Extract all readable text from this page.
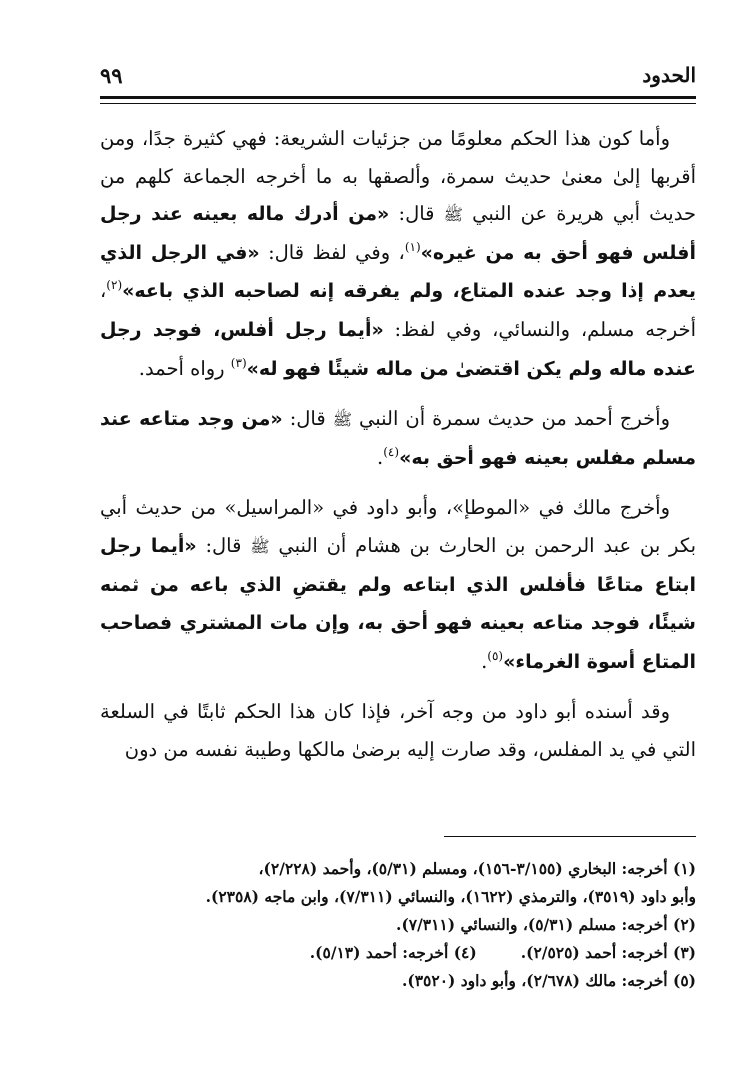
الحدود
٩٩

وأما كون هذا الحكم معلومًا من جزئيات الشريعة: فهي كثيرة جدًا، ومن أقربها إلىٰ معنىٰ حديث سمرة، وألصقها به ما أخرجه الجماعة كلهم من حديث أبي هريرة عن النبي ﷺ قال: «من أدرك ماله بعينه عند رجل أفلس فهو أحق به من غيره»$^{(١)}$، وفي لفظ قال: «في الرجل الذي يعدم إذا وجد عنده المتاع، ولم يفرقه إنه لصاحبه الذي باعه»$^{(٢)}$، أخرجه مسلم، والنسائي، وفي لفظ: «أيما رجل أفلس، فوجد رجل عنده ماله ولم يكن اقتضىٰ من ماله شيئًا فهو له»$^{(٣)}$ رواه أحمد.

وأخرج أحمد من حديث سمرة أن النبي ﷺ قال: «من وجد متاعه عند مسلم مفلس بعينه فهو أحق به»$^{(٤)}$.

وأخرج مالك في «الموطإ»، وأبو داود في «المراسيل» من حديث أبي بكر بن عبد الرحمن بن الحارث بن هشام أن النبي ﷺ قال: «أيما رجل ابتاع متاعًا فأفلس الذي ابتاعه ولم يقتضِ الذي باعه من ثمنه شيئًا، فوجد متاعه بعينه فهو أحق به، وإن مات المشتري فصاحب المتاع أسوة الغرماء»$^{(٥)}$.

وقد أسنده أبو داود من وجه آخر، فإذا كان هذا الحكم ثابتًا في السلعة التي في يد المفلس، وقد صارت إليه برضىٰ مالكها وطيبة نفسه من دون

(١) أخرجه: البخاري (٣/١٥٥-١٥٦)، ومسلم (٥/٣١)، وأحمد (٢/٢٢٨)،
وأبو داود (٣٥١٩)، والترمذي (١٦٢٢)، والنسائي (٧/٣١١)، وابن ماجه (٢٣٥٨).
(٢) أخرجه: مسلم (٥/٣١)، والنسائي (٧/٣١١).
(٣) أخرجه: أحمد (٢/٥٢٥).
(٤) أخرجه: أحمد (٥/١٣).
(٥) أخرجه: مالك (٢/٦٧٨)، وأبو داود (٣٥٢٠).
